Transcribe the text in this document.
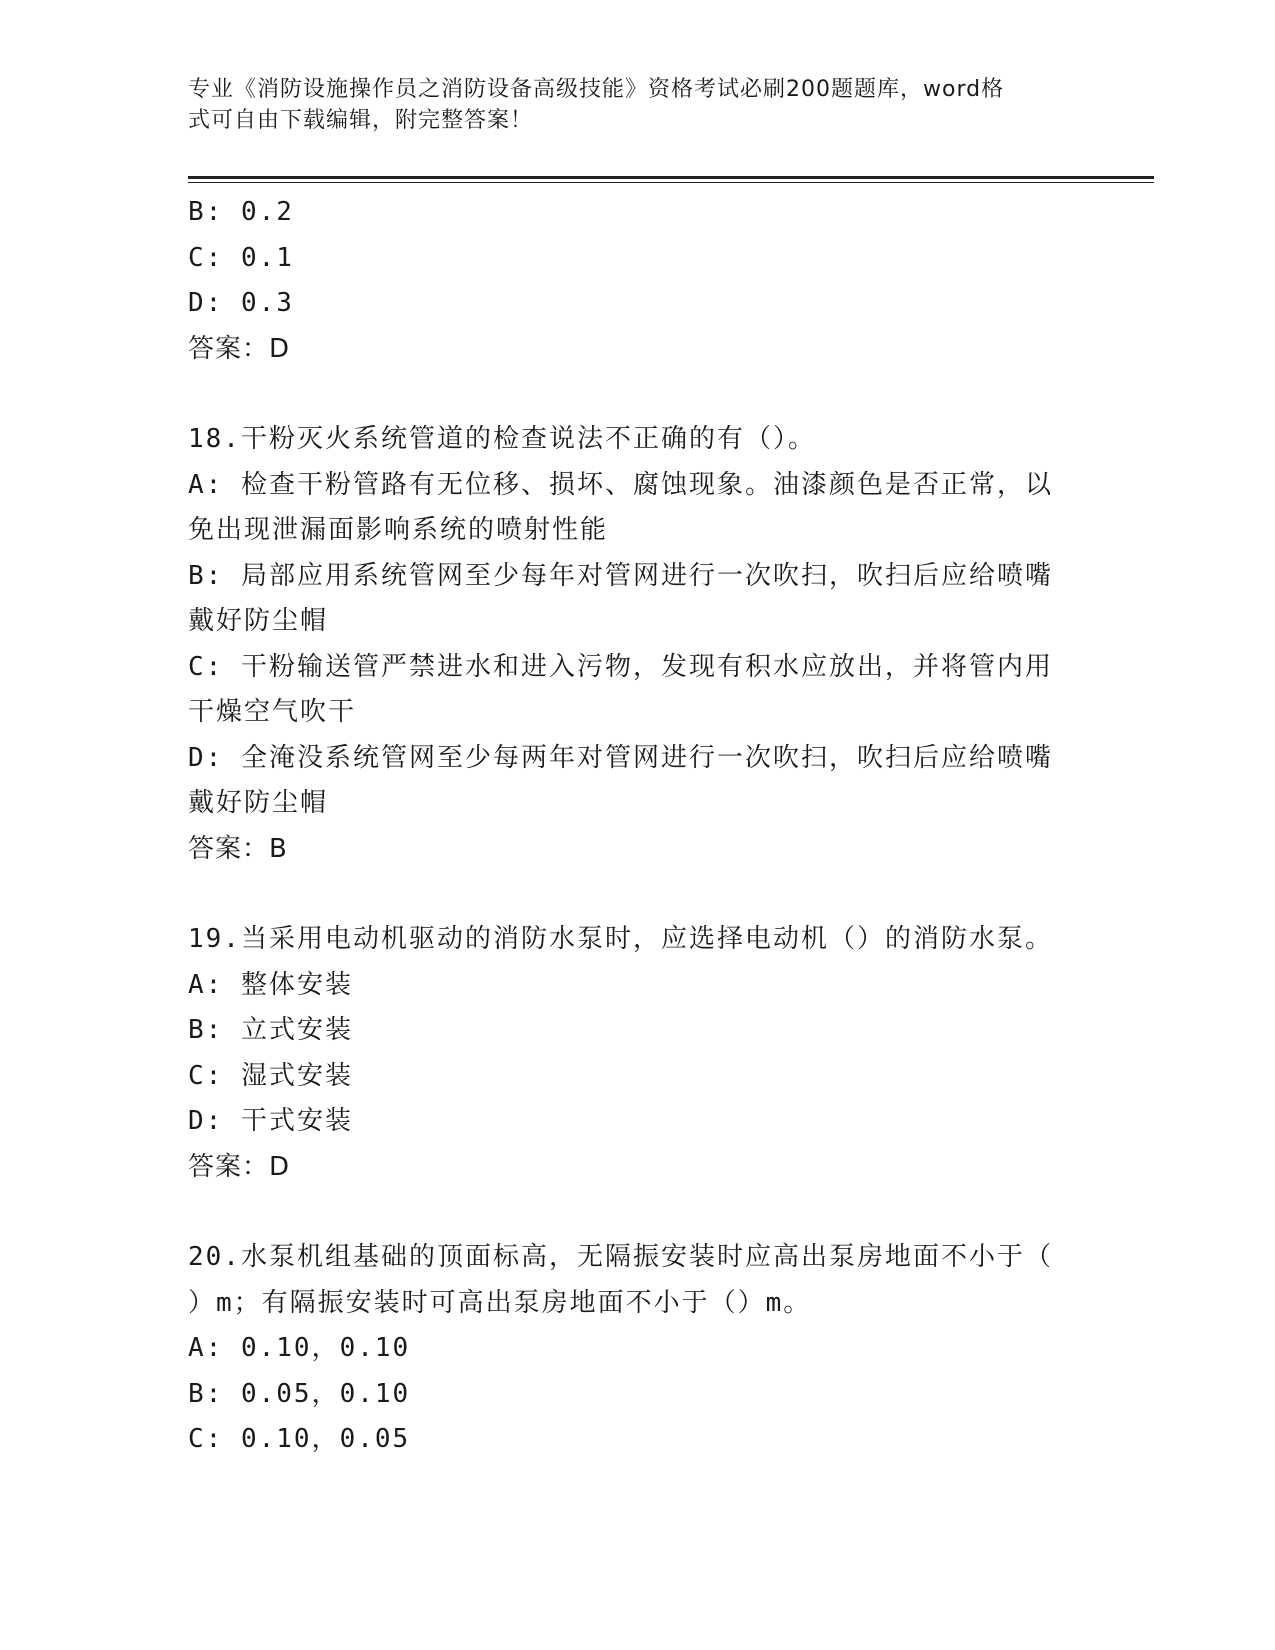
专业《消防设施操作员之消防设备高级技能》资格考试必刷200题题库，word格
式可自由下载编辑，附完整答案！

B: 0.2

C: 0.1

D: 0.3

答案：D

18.干粉灭火系统管道的检查说法不正确的有（）。

A: 检查干粉管路有无位移、损坏、腐蚀现象。油漆颜色是否正常，以

免出现泄漏面影响系统的喷射性能

B: 局部应用系统管网至少每年对管网进行一次吹扫，吹扫后应给喷嘴

戴好防尘帽

C: 干粉输送管严禁进水和进入污物，发现有积水应放出，并将管内用

干燥空气吹干

D: 全淹没系统管网至少每两年对管网进行一次吹扫，吹扫后应给喷嘴

戴好防尘帽

答案：B

19.当采用电动机驱动的消防水泵时，应选择电动机（）的消防水泵。

A: 整体安装

B: 立式安装

C: 湿式安装

D: 干式安装

答案：D

20.水泵机组基础的顶面标高，无隔振安装时应高出泵房地面不小于（

）m；有隔振安装时可高出泵房地面不小于（）m。

A: 0.10，0.10

B: 0.05，0.10

C: 0.10，0.05
